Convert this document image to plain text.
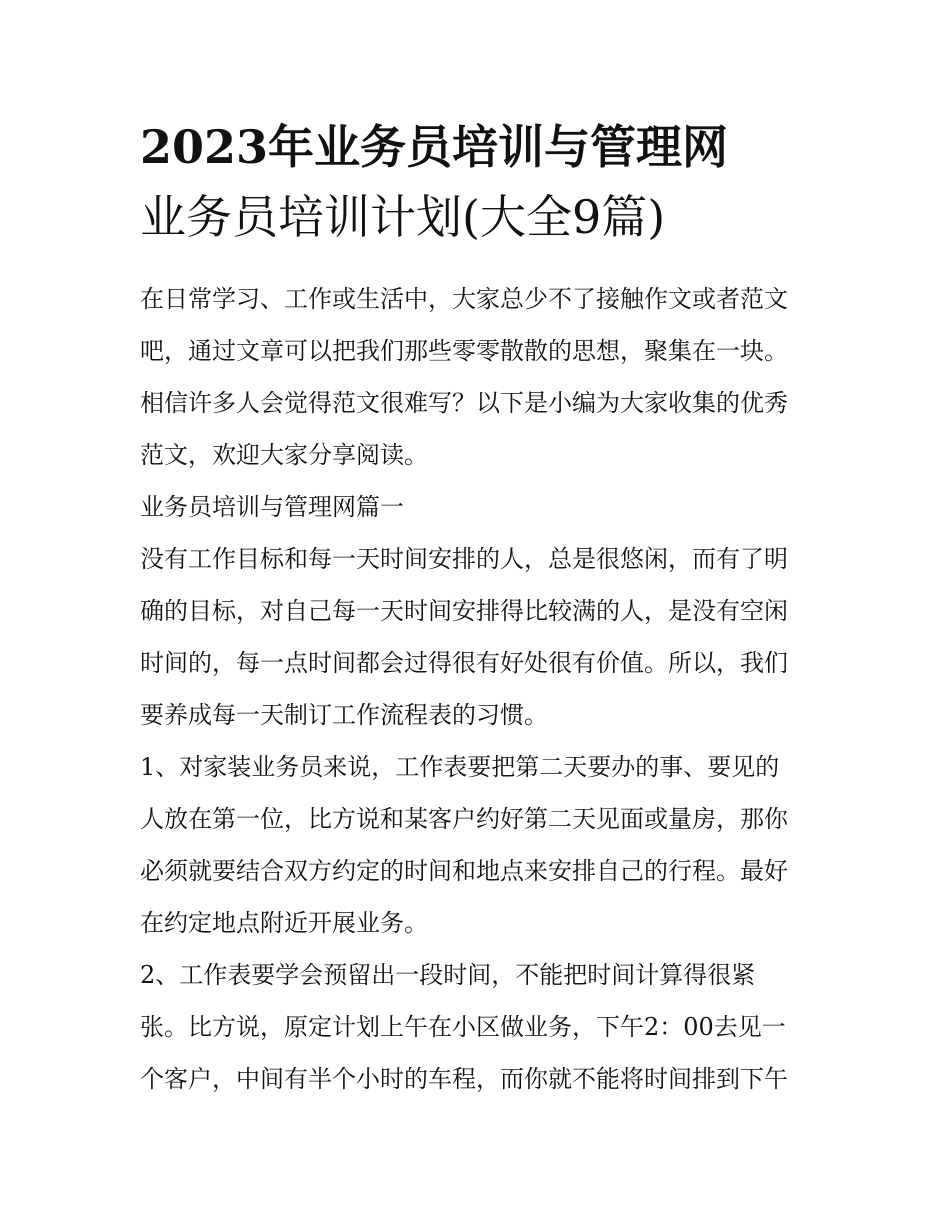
2023年业务员培训与管理网
业务员培训计划(大全9篇)

在日常学习、工作或生活中，大家总少不了接触作文或者范文
吧，通过文章可以把我们那些零零散散的思想，聚集在一块。
相信许多人会觉得范文很难写？以下是小编为大家收集的优秀
范文，欢迎大家分享阅读。

业务员培训与管理网篇一

没有工作目标和每一天时间安排的人，总是很悠闲，而有了明
确的目标，对自己每一天时间安排得比较满的人，是没有空闲
时间的，每一点时间都会过得很有好处很有价值。所以，我们
要养成每一天制订工作流程表的习惯。

1、对家装业务员来说，工作表要把第二天要办的事、要见的
人放在第一位，比方说和某客户约好第二天见面或量房，那你
必须就要结合双方约定的时间和地点来安排自己的行程。最好
在约定地点附近开展业务。

2、工作表要学会预留出一段时间，不能把时间计算得很紧
张。比方说，原定计划上午在小区做业务，下午2：00去见一
个客户，中间有半个小时的车程，而你就不能将时间排到下午
